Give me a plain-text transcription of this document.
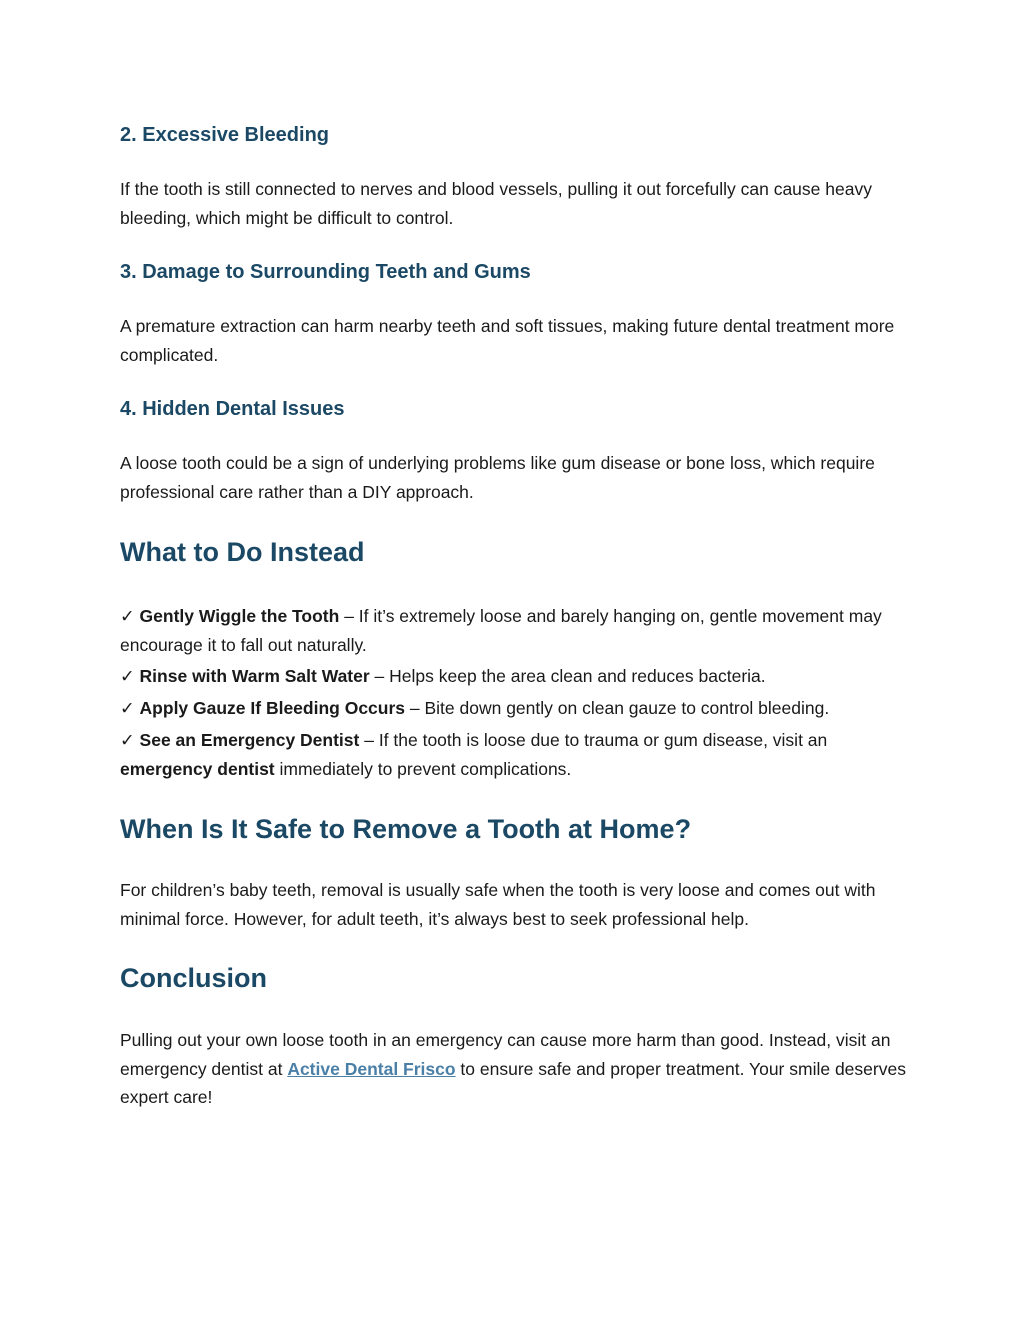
2. Excessive Bleeding

If the tooth is still connected to nerves and blood vessels, pulling it out forcefully can cause heavy bleeding, which might be difficult to control.

3. Damage to Surrounding Teeth and Gums

A premature extraction can harm nearby teeth and soft tissues, making future dental treatment more complicated.

4. Hidden Dental Issues

A loose tooth could be a sign of underlying problems like gum disease or bone loss, which require professional care rather than a DIY approach.

What to Do Instead

✓ Gently Wiggle the Tooth – If it’s extremely loose and barely hanging on, gentle movement may encourage it to fall out naturally.

✓ Rinse with Warm Salt Water – Helps keep the area clean and reduces bacteria.

✓ Apply Gauze If Bleeding Occurs – Bite down gently on clean gauze to control bleeding.

✓ See an Emergency Dentist – If the tooth is loose due to trauma or gum disease, visit an emergency dentist immediately to prevent complications.

When Is It Safe to Remove a Tooth at Home?

For children’s baby teeth, removal is usually safe when the tooth is very loose and comes out with minimal force. However, for adult teeth, it’s always best to seek professional help.

Conclusion

Pulling out your own loose tooth in an emergency can cause more harm than good. Instead, visit an emergency dentist at Active Dental Frisco to ensure safe and proper treatment. Your smile deserves expert care!
